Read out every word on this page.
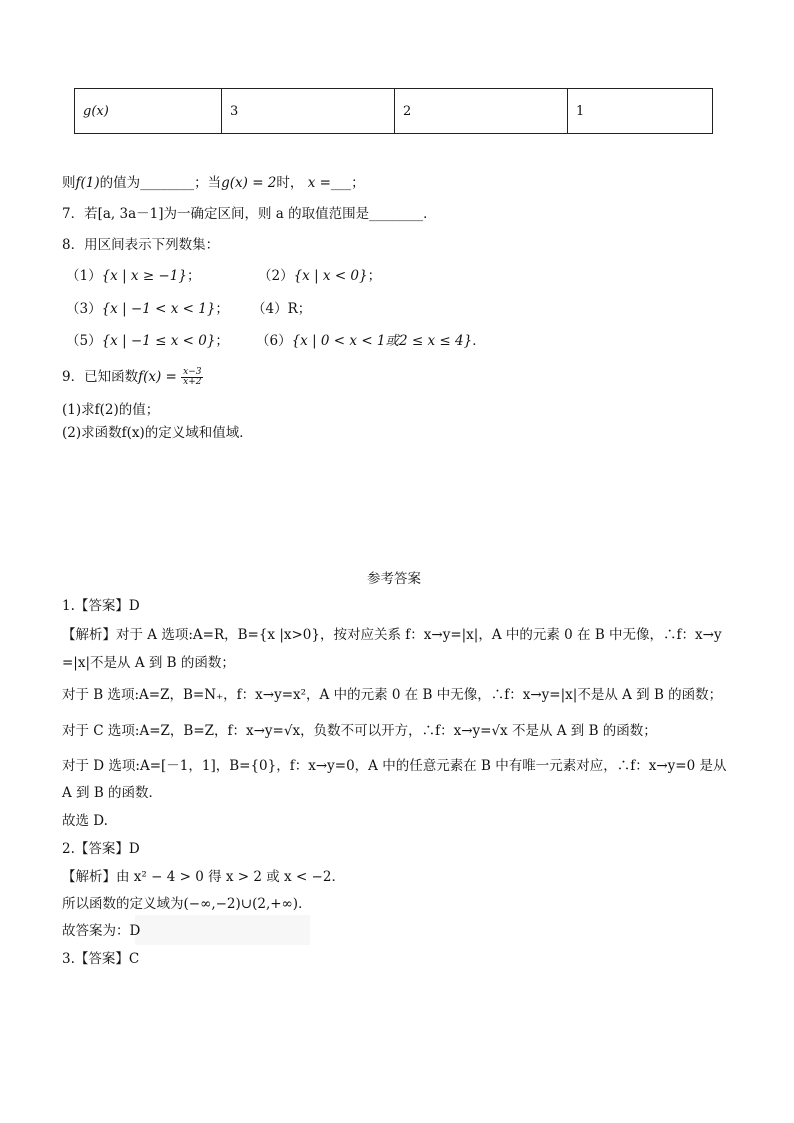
g(x)	3	2	1
则f(1)的值为________；当g(x) = 2时， x =___；
7．若[a, 3a－1]为一确定区间，则 a 的取值范围是________．
8．用区间表示下列数集：
（1）{x | x ≥ −1}；	（2）{x | x < 0}；
（3）{x | −1 < x < 1}； （4）R；
（5）{x | −1 ≤ x < 0}； （6）{x | 0 < x < 1或2 ≤ x ≤ 4}．
9．已知函数$f(x) = \frac{x-3}{x+2}$
(1)求f(2)的值；
(2)求函数f(x)的定义域和值域．
参考答案
1.【答案】D
【解析】对于 A 选项:A=R，B={x |x>0}，按对应关系 f：x→y=|x|，A 中的元素 0 在 B 中无像，∴f：x→y
=|x|不是从 A 到 B 的函数；
对于 B 选项:A=Z，B=N₊，f：x→y=x²，A 中的元素 0 在 B 中无像，∴f：x→y=|x|不是从 A 到 B 的函数；
对于 C 选项:A=Z，B=Z，f：x→y=√x，负数不可以开方，∴f：x→y=√x 不是从 A 到 B 的函数；
对于 D 选项:A=[－1，1]，B={0}，f：x→y=0，A 中的任意元素在 B 中有唯一元素对应，∴f：x→y=0 是从
A 到 B 的函数．
故选 D.
2.【答案】D
【解析】由 x² − 4 > 0 得 x > 2 或 x < −2．
所以函数的定义域为(−∞,−2)∪(2,+∞)．
故答案为：D
3.【答案】C
